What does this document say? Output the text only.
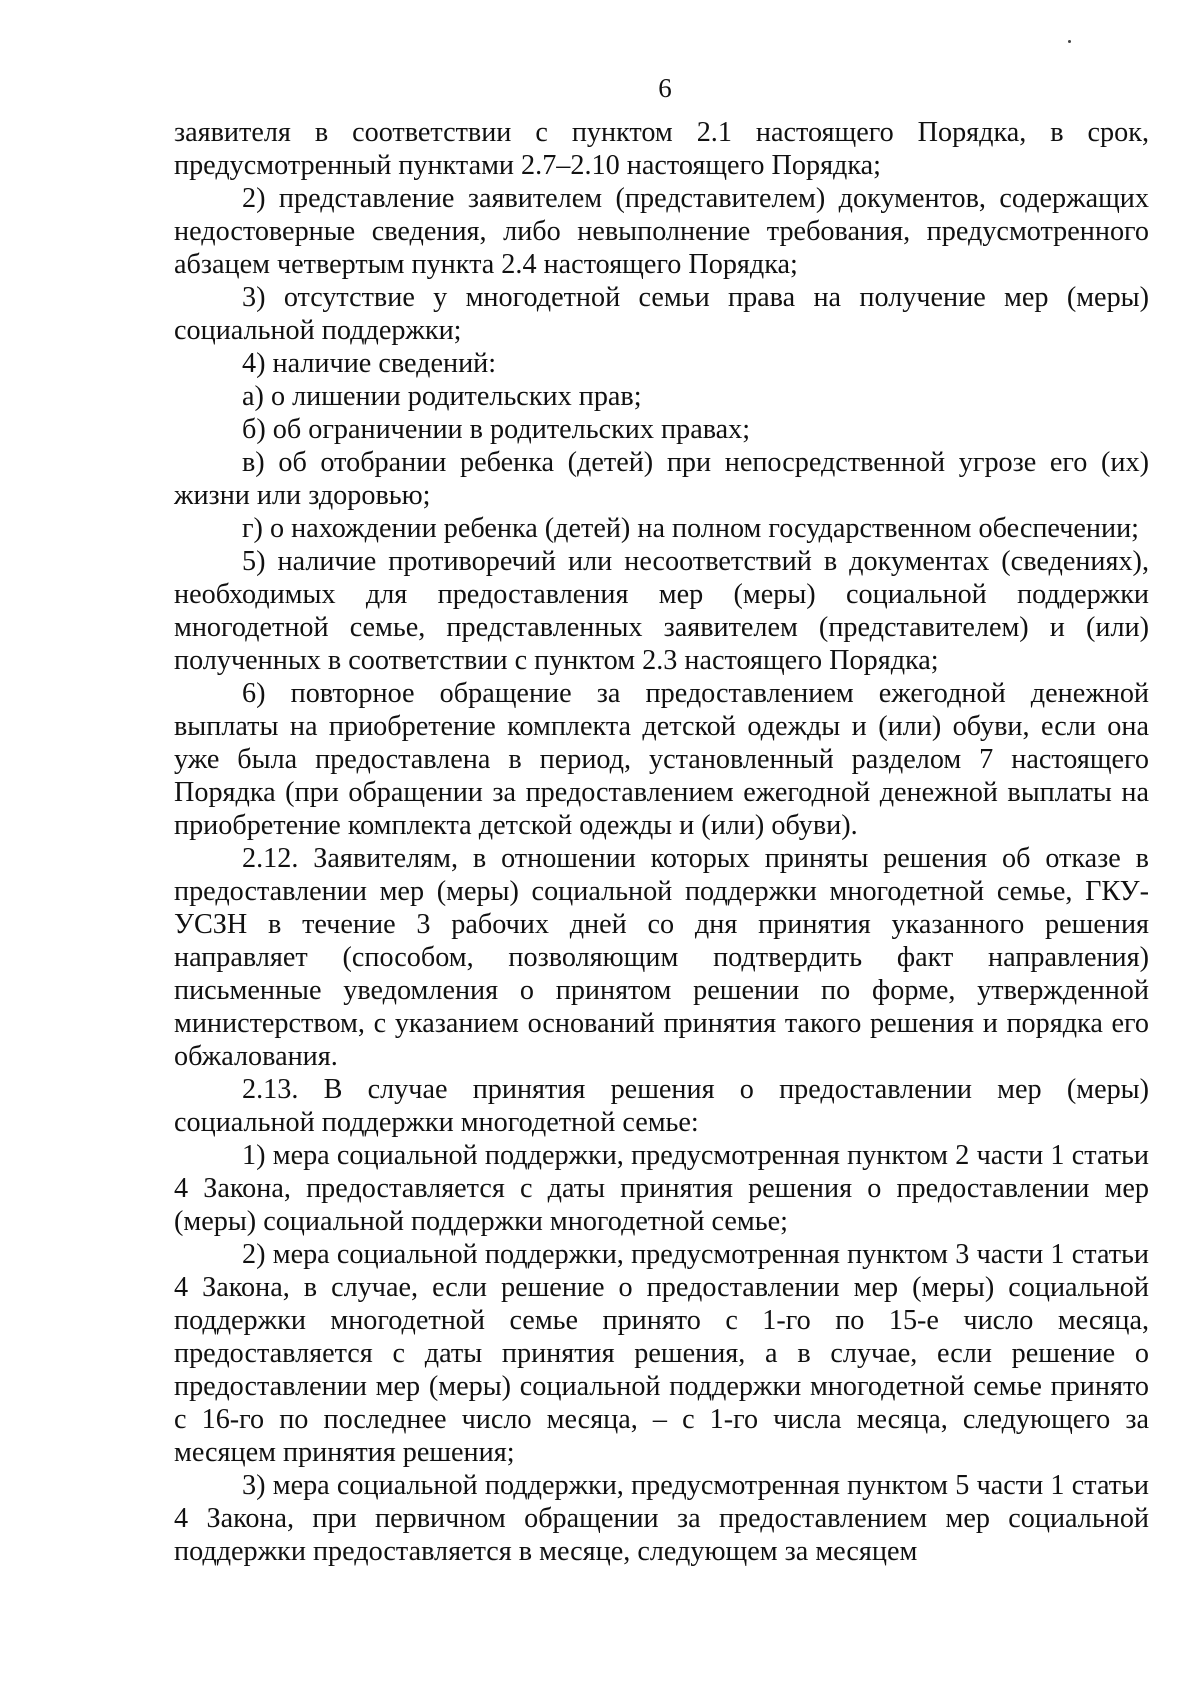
6

заявителя в соответствии с пунктом 2.1 настоящего Порядка, в срок, предусмотренный пунктами 2.7–2.10 настоящего Порядка;

2) представление заявителем (представителем) документов, содержащих недостоверные сведения, либо невыполнение требования, предусмотренного абзацем четвертым пункта 2.4 настоящего Порядка;

3) отсутствие у многодетной семьи права на получение мер (меры) социальной поддержки;

4) наличие сведений:

а) о лишении родительских прав;

б) об ограничении в родительских правах;

в) об отобрании ребенка (детей) при непосредственной угрозе его (их) жизни или здоровью;

г) о нахождении ребенка (детей) на полном государственном обеспечении;

5) наличие противоречий или несоответствий в документах (сведениях), необходимых для предоставления мер (меры) социальной поддержки многодетной семье, представленных заявителем (представителем) и (или) полученных в соответствии с пунктом 2.3 настоящего Порядка;

6) повторное обращение за предоставлением ежегодной денежной выплаты на приобретение комплекта детской одежды и (или) обуви, если она уже была предоставлена в период, установленный разделом 7 настоящего Порядка (при обращении за предоставлением ежегодной денежной выплаты на приобретение комплекта детской одежды и (или) обуви).

2.12. Заявителям, в отношении которых приняты решения об отказе в предоставлении мер (меры) социальной поддержки многодетной семье, ГКУ-УСЗН в течение 3 рабочих дней со дня принятия указанного решения направляет (способом, позволяющим подтвердить факт направления) письменные уведомления о принятом решении по форме, утвержденной министерством, с указанием оснований принятия такого решения и порядка его обжалования.

2.13. В случае принятия решения о предоставлении мер (меры) социальной поддержки многодетной семье:

1) мера социальной поддержки, предусмотренная пунктом 2 части 1 статьи 4 Закона, предоставляется с даты принятия решения о предоставлении мер (меры) социальной поддержки многодетной семье;

2) мера социальной поддержки, предусмотренная пунктом 3 части 1 статьи 4 Закона, в случае, если решение о предоставлении мер (меры) социальной поддержки многодетной семье принято с 1-го по 15-е число месяца, предоставляется с даты принятия решения, а в случае, если решение о предоставлении мер (меры) социальной поддержки многодетной семье принято с 16-го по последнее число месяца, – с 1-го числа месяца, следующего за месяцем принятия решения;

3) мера социальной поддержки, предусмотренная пунктом 5 части 1 статьи 4 Закона, при первичном обращении за предоставлением мер социальной поддержки предоставляется в месяце, следующем за месяцем
